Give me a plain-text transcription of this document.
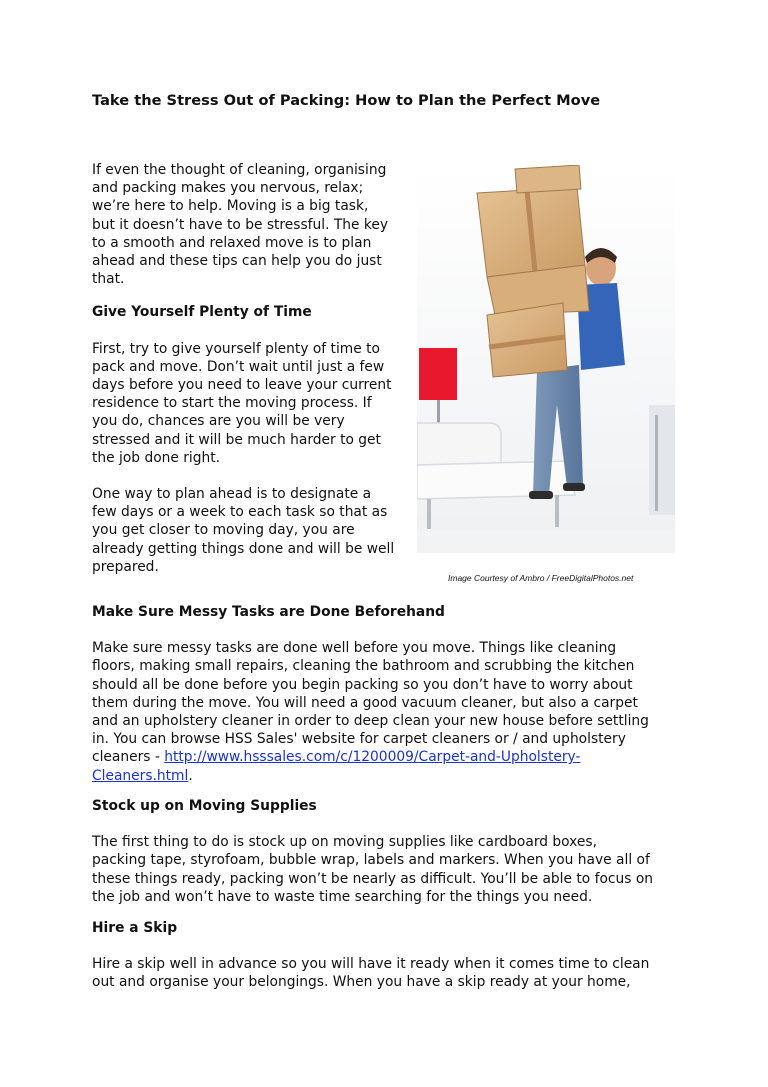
Take the Stress Out of Packing: How to Plan the Perfect Move

If even the thought of cleaning, organising
and packing makes you nervous, relax;
we’re here to help. Moving is a big task,
but it doesn’t have to be stressful. The key
to a smooth and relaxed move is to plan
ahead and these tips can help you do just
that.

Give Yourself Plenty of Time

First, try to give yourself plenty of time to
pack and move. Don’t wait until just a few
days before you need to leave your current
residence to start the moving process. If
you do, chances are you will be very
stressed and it will be much harder to get
the job done right.

One way to plan ahead is to designate a
few days or a week to each task so that as
you get closer to moving day, you are
already getting things done and will be well
prepared.

Image Courtesy of Ambro / FreeDigitalPhotos.net
Make Sure Messy Tasks are Done Beforehand

Make sure messy tasks are done well before you move. Things like cleaning
floors, making small repairs, cleaning the bathroom and scrubbing the kitchen
should all be done before you begin packing so you don’t have to worry about
them during the move. You will need a good vacuum cleaner, but also a carpet
and an upholstery cleaner in order to deep clean your new house before settling
in. You can browse HSS Sales' website for carpet cleaners or / and upholstery
cleaners - http://www.hsssales.com/c/1200009/Carpet-and-Upholstery-
Cleaners.html.

Stock up on Moving Supplies

The first thing to do is stock up on moving supplies like cardboard boxes,
packing tape, styrofoam, bubble wrap, labels and markers. When you have all of
these things ready, packing won’t be nearly as difficult. You’ll be able to focus on
the job and won’t have to waste time searching for the things you need.

Hire a Skip

Hire a skip well in advance so you will have it ready when it comes time to clean
out and organise your belongings. When you have a skip ready at your home,
